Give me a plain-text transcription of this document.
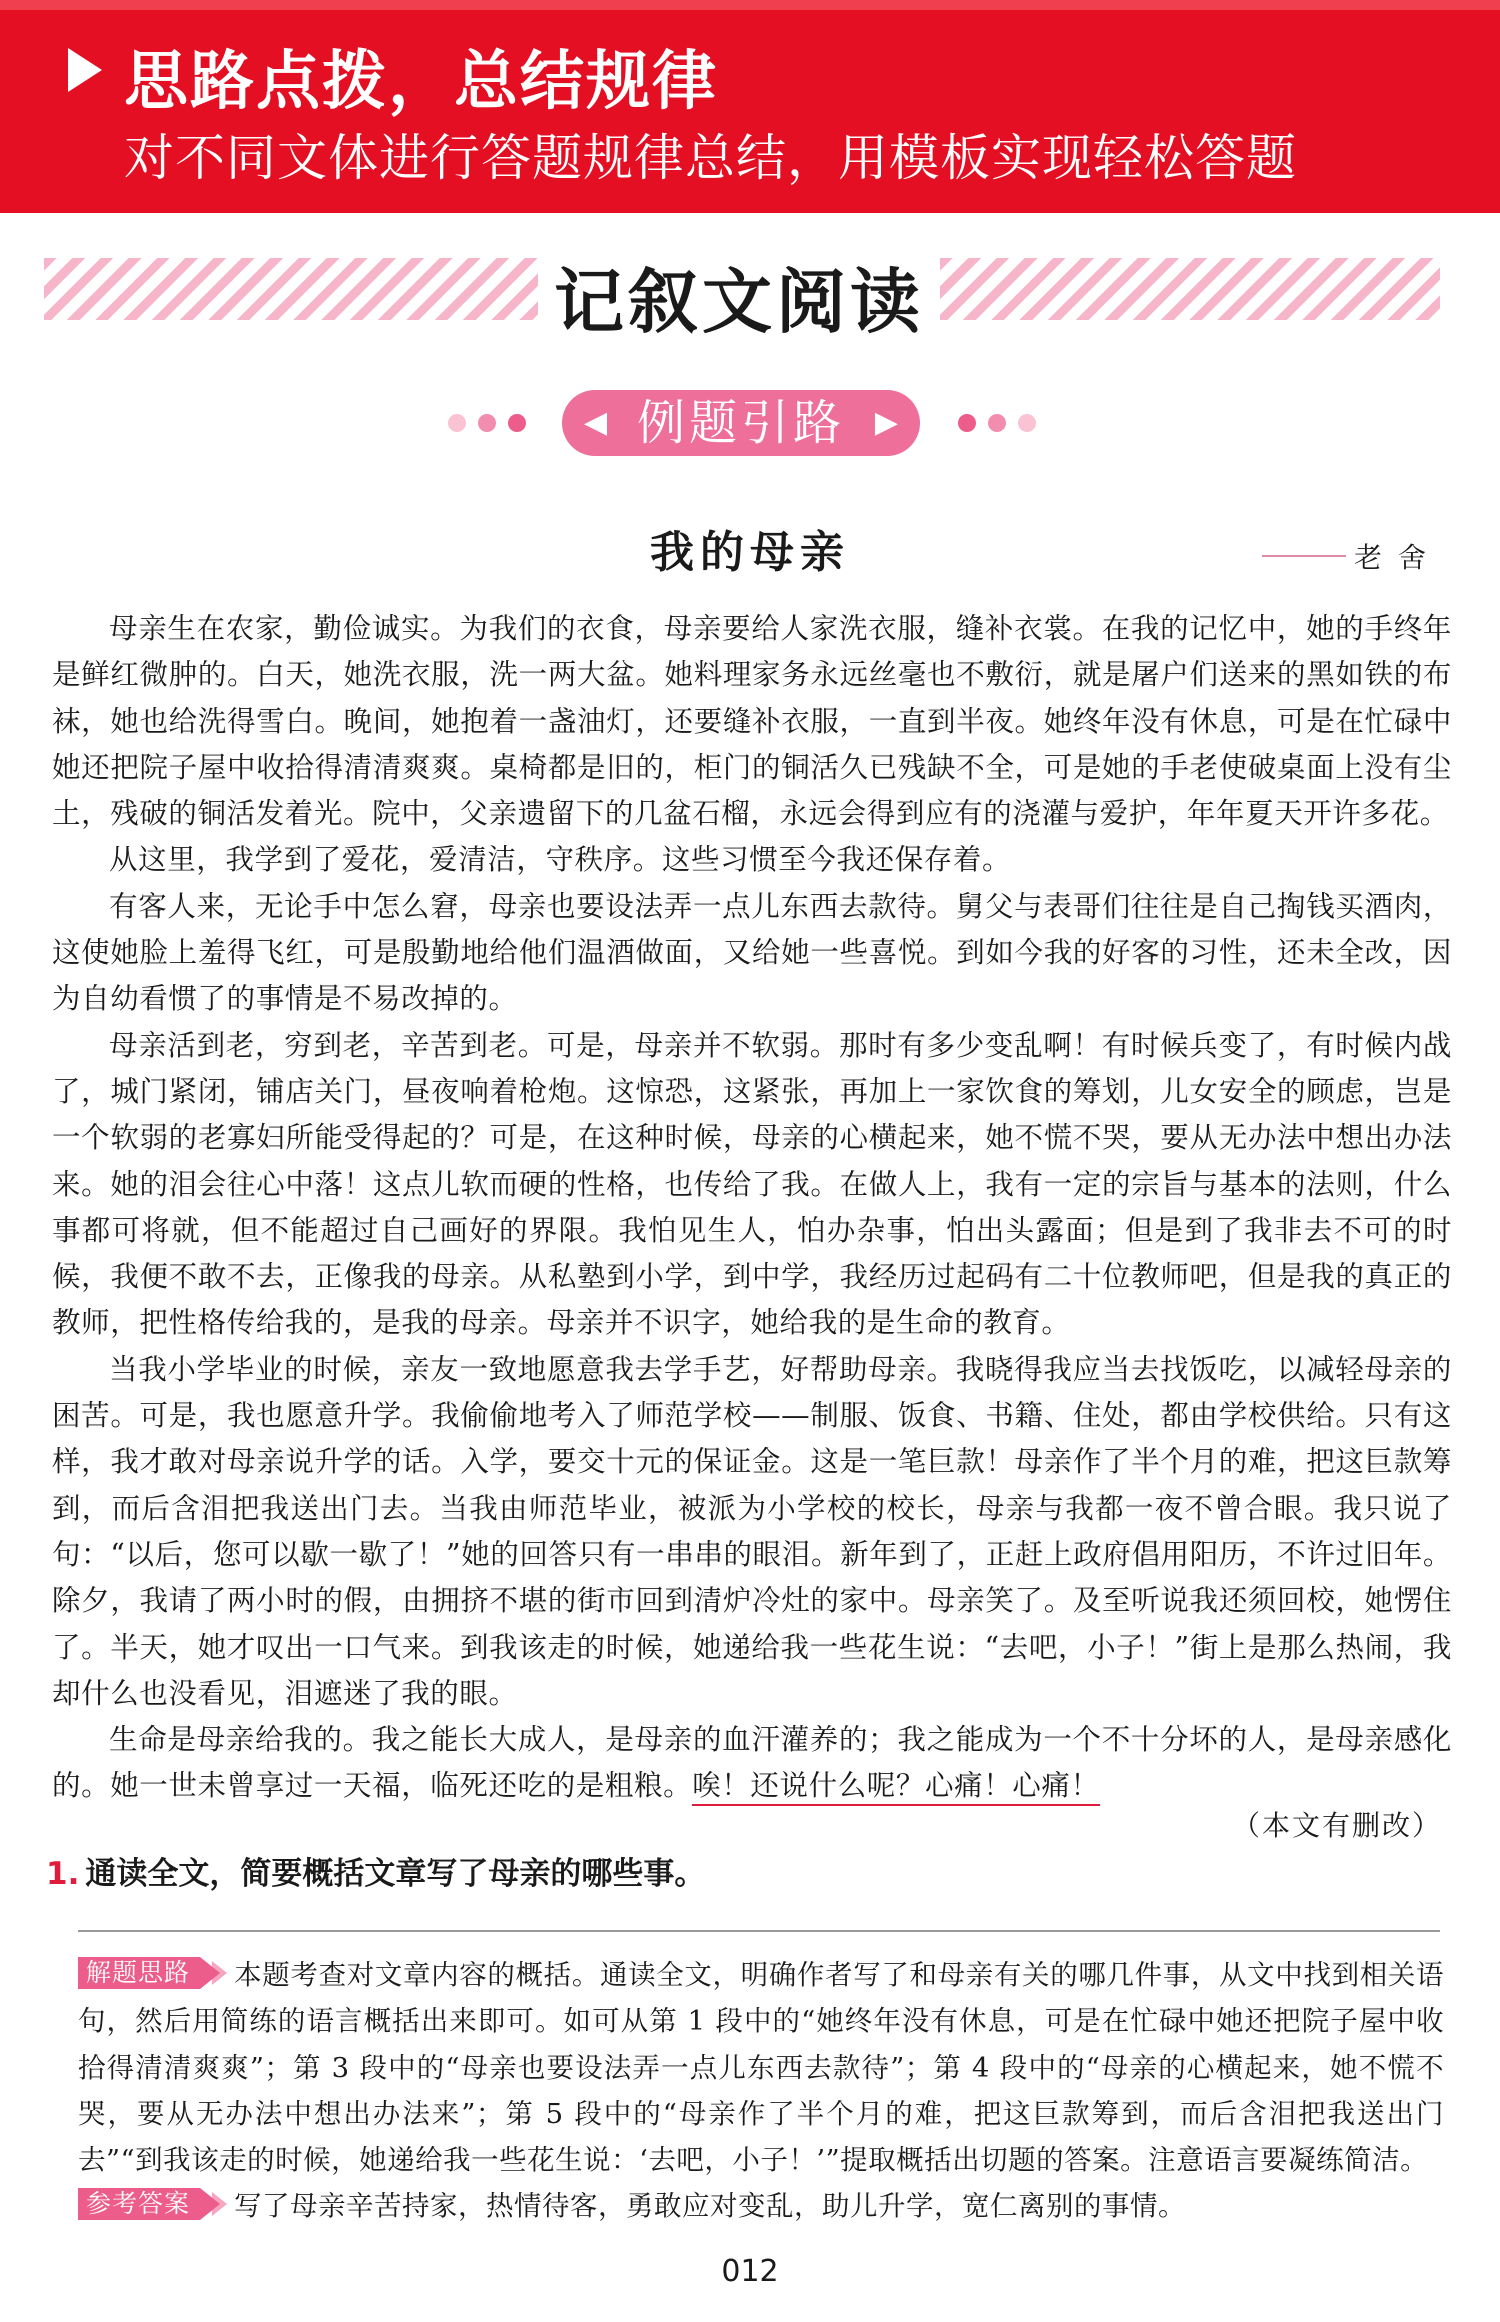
思路点拨，总结规律
对不同文体进行答题规律总结，用模板实现轻松答题
记叙文阅读
◀ 例题引路 ▶
我的母亲	老舍

母亲生在农家，勤俭诚实。为我们的衣食，母亲要给人家洗衣服，缝补衣裳。在我的记忆中，她的手终年是鲜红微肿的。白天，她洗衣服，洗一两大盆。她料理家务永远丝毫也不敷衍，就是屠户们送来的黑如铁的布袜，她也给洗得雪白。晚间，她抱着一盏油灯，还要缝补衣服，一直到半夜。她终年没有休息，可是在忙碌中她还把院子屋中收拾得清清爽爽。桌椅都是旧的，柜门的铜活久已残缺不全，可是她的手老使破桌面上没有尘土，残破的铜活发着光。院中，父亲遗留下的几盆石榴，永远会得到应有的浇灌与爱护，年年夏天开许多花。

从这里，我学到了爱花，爱清洁，守秩序。这些习惯至今我还保存着。

有客人来，无论手中怎么窘，母亲也要设法弄一点儿东西去款待。舅父与表哥们往往是自己掏钱买酒肉，这使她脸上羞得飞红，可是殷勤地给他们温酒做面，又给她一些喜悦。到如今我的好客的习性，还未全改，因为自幼看惯了的事情是不易改掉的。

母亲活到老，穷到老，辛苦到老。可是，母亲并不软弱。那时有多少变乱啊！有时候兵变了，有时候内战了，城门紧闭，铺店关门，昼夜响着枪炮。这惊恐，这紧张，再加上一家饮食的筹划，儿女安全的顾虑，岂是一个软弱的老寡妇所能受得起的？可是，在这种时候，母亲的心横起来，她不慌不哭，要从无办法中想出办法来。她的泪会往心中落！这点儿软而硬的性格，也传给了我。在做人上，我有一定的宗旨与基本的法则，什么事都可将就，但不能超过自己画好的界限。我怕见生人，怕办杂事，怕出头露面；但是到了我非去不可的时候，我便不敢不去，正像我的母亲。从私塾到小学，到中学，我经历过起码有二十位教师吧，但是我的真正的教师，把性格传给我的，是我的母亲。母亲并不识字，她给我的是生命的教育。

当我小学毕业的时候，亲友一致地愿意我去学手艺，好帮助母亲。我晓得我应当去找饭吃，以减轻母亲的困苦。可是，我也愿意升学。我偷偷地考入了师范学校——制服、饭食、书籍、住处，都由学校供给。只有这样，我才敢对母亲说升学的话。入学，要交十元的保证金。这是一笔巨款！母亲作了半个月的难，把这巨款筹到，而后含泪把我送出门去。当我由师范毕业，被派为小学校的校长，母亲与我都一夜不曾合眼。我只说了句：“以后，您可以歇一歇了！”她的回答只有一串串的眼泪。新年到了，正赶上政府倡用阳历，不许过旧年。除夕，我请了两小时的假，由拥挤不堪的街市回到清炉冷灶的家中。母亲笑了。及至听说我还须回校，她愣住了。半天，她才叹出一口气来。到我该走的时候，她递给我一些花生说：“去吧，小子！”街上是那么热闹，我却什么也没看见，泪遮迷了我的眼。

生命是母亲给我的。我之能长大成人，是母亲的血汗灌养的；我之能成为一个不十分坏的人，是母亲感化的。她一世未曾享过一天福，临死还吃的是粗粮。唉！还说什么呢？心痛！心痛！

（本文有删改）
1. 通读全文，简要概括文章写了母亲的哪些事。

解题思路 本题考查对文章内容的概括。通读全文，明确作者写了和母亲有关的哪几件事，从文中找到相关语句，然后用简练的语言概括出来即可。如可从第 1 段中的“她终年没有休息，可是在忙碌中她还把院子屋中收拾得清清爽爽”；第 3 段中的“母亲也要设法弄一点儿东西去款待”；第 4 段中的“母亲的心横起来，她不慌不哭，要从无办法中想出办法来”；第 5 段中的“母亲作了半个月的难，把这巨款筹到，而后含泪把我送出门去”“到我该走的时候，她递给我一些花生说：‘去吧，小子！’”提取概括出切题的答案。注意语言要凝练简洁。

参考答案 写了母亲辛苦持家，热情待客，勇敢应对变乱，助儿升学，宽仁离别的事情。

012
